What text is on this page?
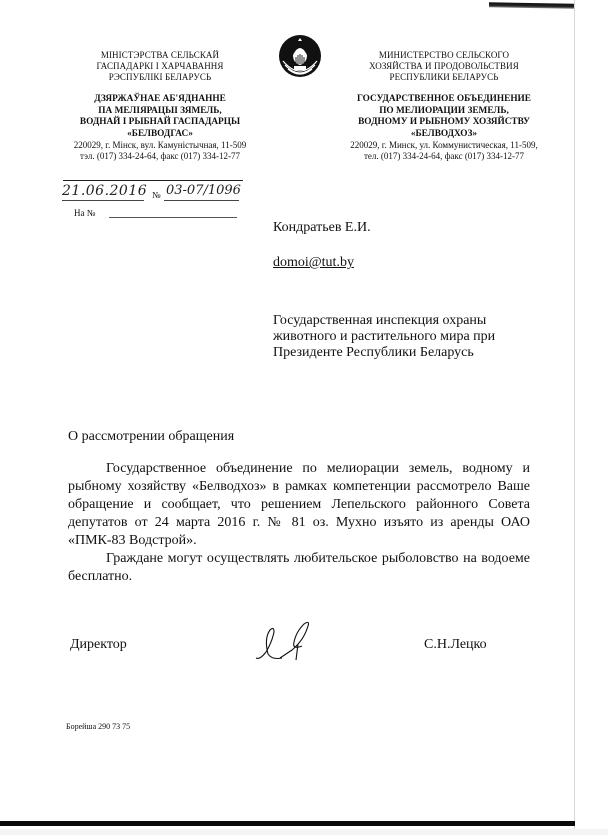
МІНІСТЭРСТВА СЕЛЬСКАЙ
ГАСПАДАРКІ І ХАРЧАВАННЯ
РЭСПУБЛІКІ БЕЛАРУСЬ
ДЗЯРЖАЎНАЕ АБ'ЯДНАННЕ
ПА МЕЛІЯРАЦЫІ ЗЯМЕЛЬ,
ВОДНАЙ І РЫБНАЙ ГАСПАДАРЦЫ
«БЕЛВОДГАС»
220029, г. Мінск, вул. Камуністычная, 11-509
тэл. (017) 334-24-64, факс (017) 334-12-77
МИНИСТЕРСТВО СЕЛЬСКОГО
ХОЗЯЙСТВА И ПРОДОВОЛЬСТВИЯ
РЕСПУБЛИКИ БЕЛАРУСЬ
ГОСУДАРСТВЕННОЕ ОБЪЕДИНЕНИЕ
ПО МЕЛИОРАЦИИ ЗЕМЕЛЬ,
ВОДНОМУ И РЫБНОМУ ХОЗЯЙСТВУ
«БЕЛВОДХОЗ»
220029, г. Минск, ул. Коммунистическая, 11-509,
тел. (017) 334-24-64, факс (017) 334-12-77
21.06.2016 № 03-07/1096
На №
Кондратьев Е.И.
domoi@tut.by
Государственная инспекция охраны животного и растительного мира при Президенте Республики Беларусь
О рассмотрении обращения

Государственное объединение по мелиорации земель, водному и рыбному хозяйству «Белводхоз» в рамках компетенции рассмотрело Ваше обращение и сообщает, что решением Лепельского районного Совета депутатов от 24 марта 2016 г. № 81 оз. Мухно изъято из аренды ОАО «ПМК-83 Водстрой».

Граждане могут осуществлять любительское рыболовство на водоеме бесплатно.

Директор	С.Н.Лецко
Борейша 290 73 75
